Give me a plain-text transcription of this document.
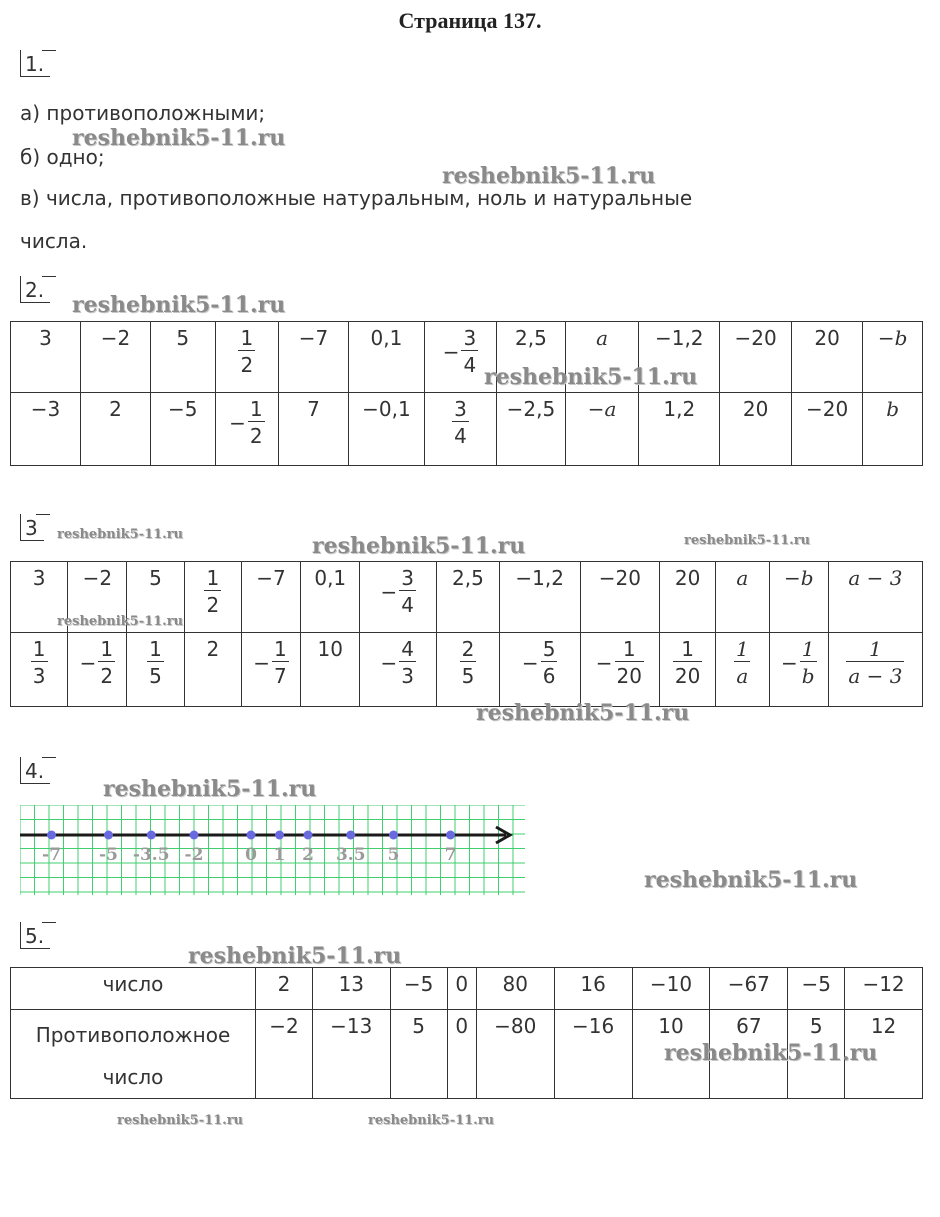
Страница 137.
1.
а) противоположными;
б) одно;
в) числа, противоположные натуральным, ноль и натуральные
числа.
2.
3	−2	5	$\frac{1}{2}$	−7	0,1	− $\frac{3}{4}$	2,5	a	−1,2	−20	20	−b
−3	2	−5	− $\frac{1}{2}$	7	−0,1	$\frac{3}{4}$	−2,5	−a	1,2	20	−20	b
3
3	−2	5	$\frac{1}{2}$	−7	0,1	− $\frac{3}{4}$	2,5	−1,2	−20	20	a	−b	a − 3

$\frac{1}{3}$	− $\frac{1}{2}$	$\frac{1}{5}$	2	− $\frac{1}{7}$	10	− $\frac{4}{3}$	$\frac{2}{5}$	− $\frac{5}{6}$	− $\frac{1}{20}$	$\frac{1}{20}$	$\frac{1}{a}$	− $\frac{1}{b}$	$\frac{1}{a - 3}$
4.
-7 -5 -3.5 -2 0 1 2 3.5 5	7
5.
число	2	13	−5	0	80	16	−10	−67	−5	−12
Противоположное
число	−2	−13	5	0	−80	−16	10	67	5	12
reshebnik5-11.ru
reshebnik5-11.ru
reshebnik5-11.ru
reshebnik5-11.ru
reshebnik5-11.ru	reshebnik5-11.ru	reshebnik5-11.ru
reshebnik5-11.ru
reshebnik5-11.ru
reshebnik5-11.ru
reshebnik5-11.ru
reshebnik5-11.ru
reshebnik5-11.ru
reshebnik5-11.ru	reshebnik5-11.ru
